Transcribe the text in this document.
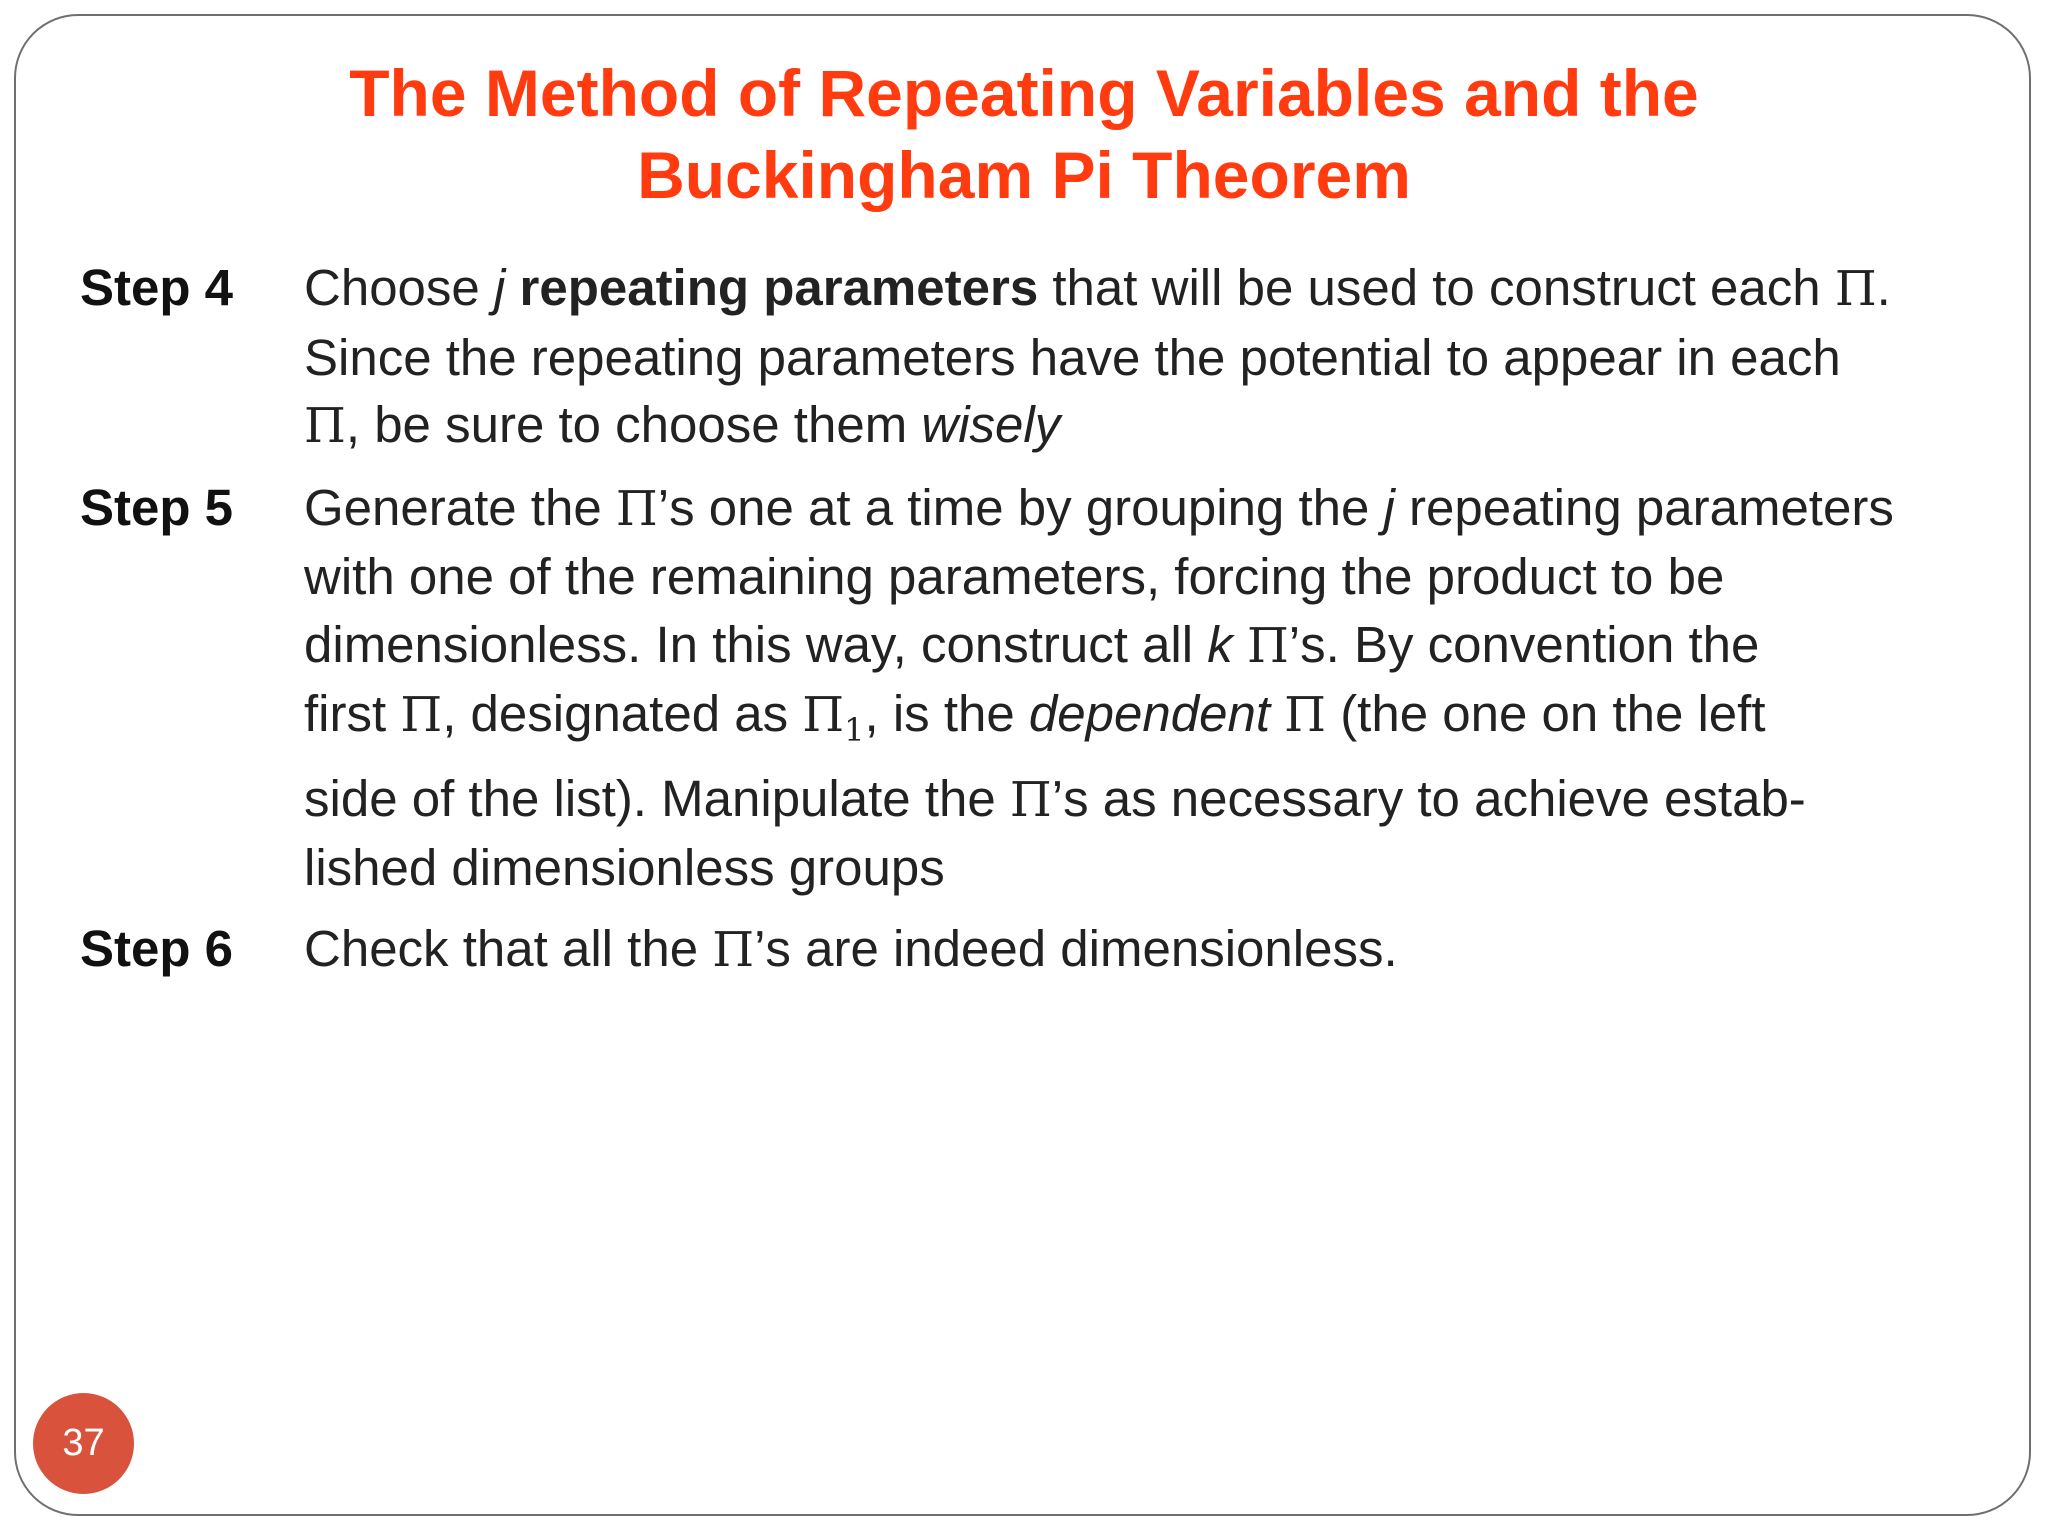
The Method of Repeating Variables and the
Buckingham Pi Theorem
Step 4	Choose j repeating parameters that will be used to construct each Π.
Since the repeating parameters have the potential to appear in each
Π, be sure to choose them wisely
Step 5	Generate the Π’s one at a time by grouping the j repeating parameters
with one of the remaining parameters, forcing the product to be
dimensionless. In this way, construct all k Π’s. By convention the
first Π, designated as $\Pi_1$, is the dependent Π (the one on the left
side of the list). Manipulate the Π’s as necessary to achieve estab-
lished dimensionless groups
Step 6	Check that all the Π’s are indeed dimensionless.
37
